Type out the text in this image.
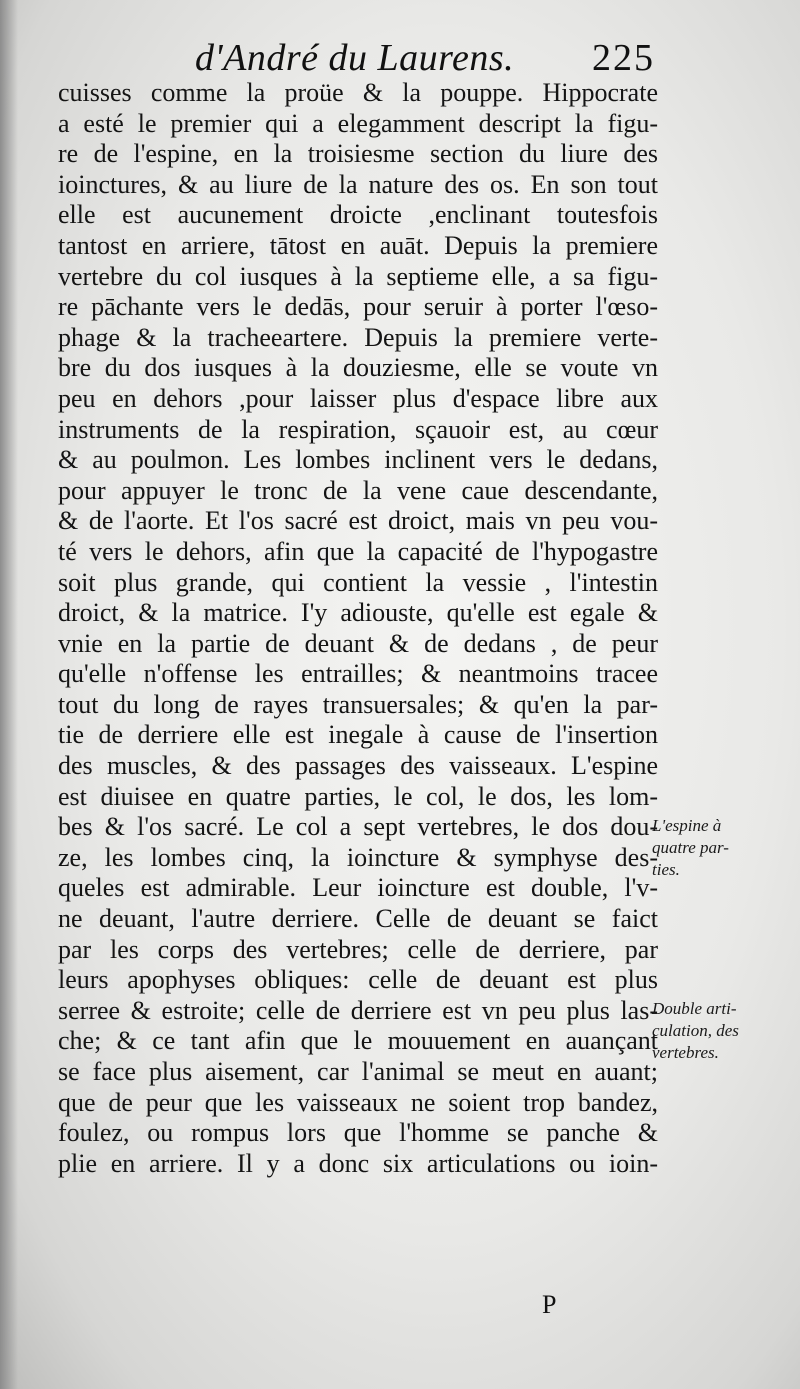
d'André du Laurens. 225
cuisses comme la proüe & la pouppe. Hippocrate
a esté le premier qui a elegamment descript la figu-
re de l'espine, en la troisiesme section du liure des
ioinctures, & au liure de la nature des os. En son tout
elle est aucunement droicte ,enclinant toutesfois
tantost en arriere, tātost en auāt. Depuis la premiere
vertebre du col iusques à la septieme elle, a sa figu-
re pāchante vers le dedās, pour seruir à porter l'œso-
phage & la tracheeartere. Depuis la premiere verte-
bre du dos iusques à la douziesme, elle se voute vn
peu en dehors ,pour laisser plus d'espace libre aux
instruments de la respiration, sçauoir est, au cœur
& au poulmon. Les lombes inclinent vers le dedans,
pour appuyer le tronc de la vene caue descendante,
& de l'aorte. Et l'os sacré est droict, mais vn peu vou-
té vers le dehors, afin que la capacité de l'hypogastre
soit plus grande, qui contient la vessie , l'intestin
droict, & la matrice. I'y adiouste, qu'elle est egale &
vnie en la partie de deuant & de dedans , de peur
qu'elle n'offense les entrailles; & neantmoins tracee
tout du long de rayes transuersales; & qu'en la par-
tie de derriere elle est inegale à cause de l'insertion
des muscles, & des passages des vaisseaux. L'espine
est diuisee en quatre parties, le col, le dos, les lom-
bes & l'os sacré. Le col a sept vertebres, le dos dou-
ze, les lombes cinq, la ioincture & symphyse des-
queles est admirable. Leur ioincture est double, l'v-
ne deuant, l'autre derriere. Celle de deuant se faict
par les corps des vertebres; celle de derriere, par
leurs apophyses obliques: celle de deuant est plus
serree & estroite; celle de derriere est vn peu plus las-
che; & ce tant afin que le mouuement en auançant
se face plus aisement, car l'animal se meut en auant;
que de peur que les vaisseaux ne soient trop bandez,
foulez, ou rompus lors que l'homme se panche &
plie en arriere. Il y a donc six articulations ou ioin-
L'espine à
quatre par-
ties.
Double arti-
culation, des
vertebres.
P
